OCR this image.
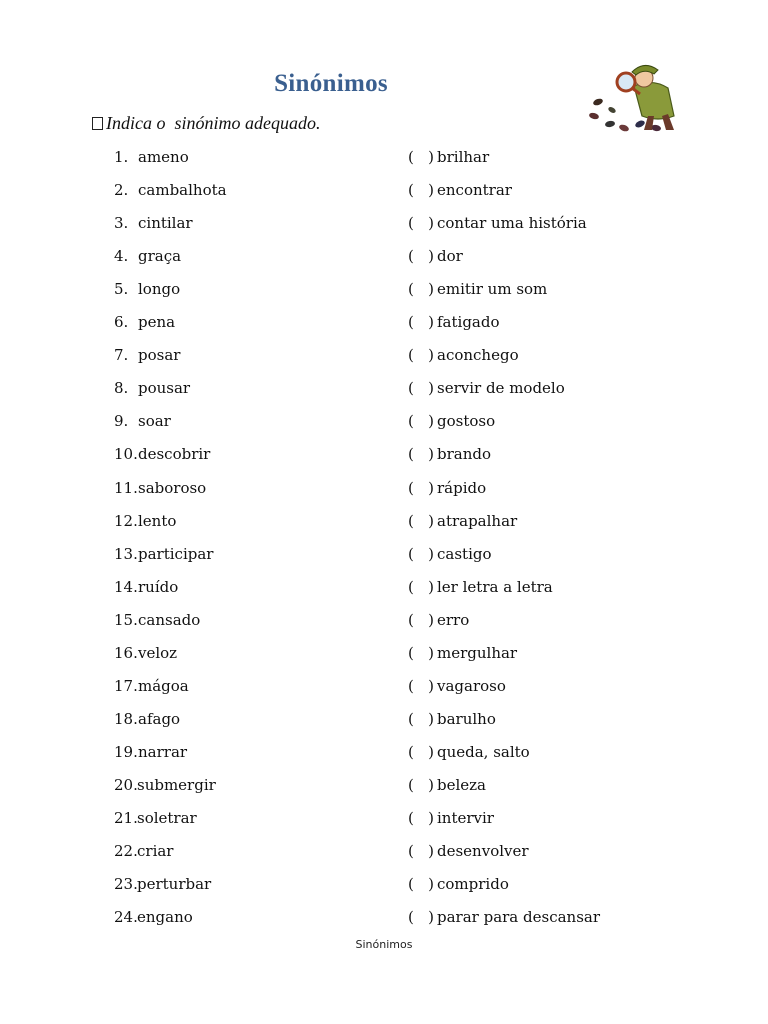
Sinónimos
Indica o  sinónimo adequado.
1. ameno	(   ) brilhar
2. cambalhota	(   ) encontrar
3. cintilar	(   ) contar uma história
4. graça	(   ) dor
5. longo	(   ) emitir um som
6. pena	(   ) fatigado
7. posar	(   ) aconchego
8. pousar	(   ) servir de modelo
9. soar	(   ) gostoso
10. descobrir	(   ) brando
11. saboroso	(   ) rápido
12. lento	(   ) atrapalhar
13. participar	(   ) castigo
14. ruído	(   ) ler letra a letra
15. cansado	(   ) erro
16. veloz	(   ) mergulhar
17. mágoa	(   ) vagaroso
18. afago	(   ) barulho
19. narrar	(   ) queda, salto
20. submergir	(   ) beleza
21. soletrar	(   ) intervir
22. criar	(   ) desenvolver
23. perturbar	(   ) comprido
24. engano	(   ) parar para descansar
Sinónimos
